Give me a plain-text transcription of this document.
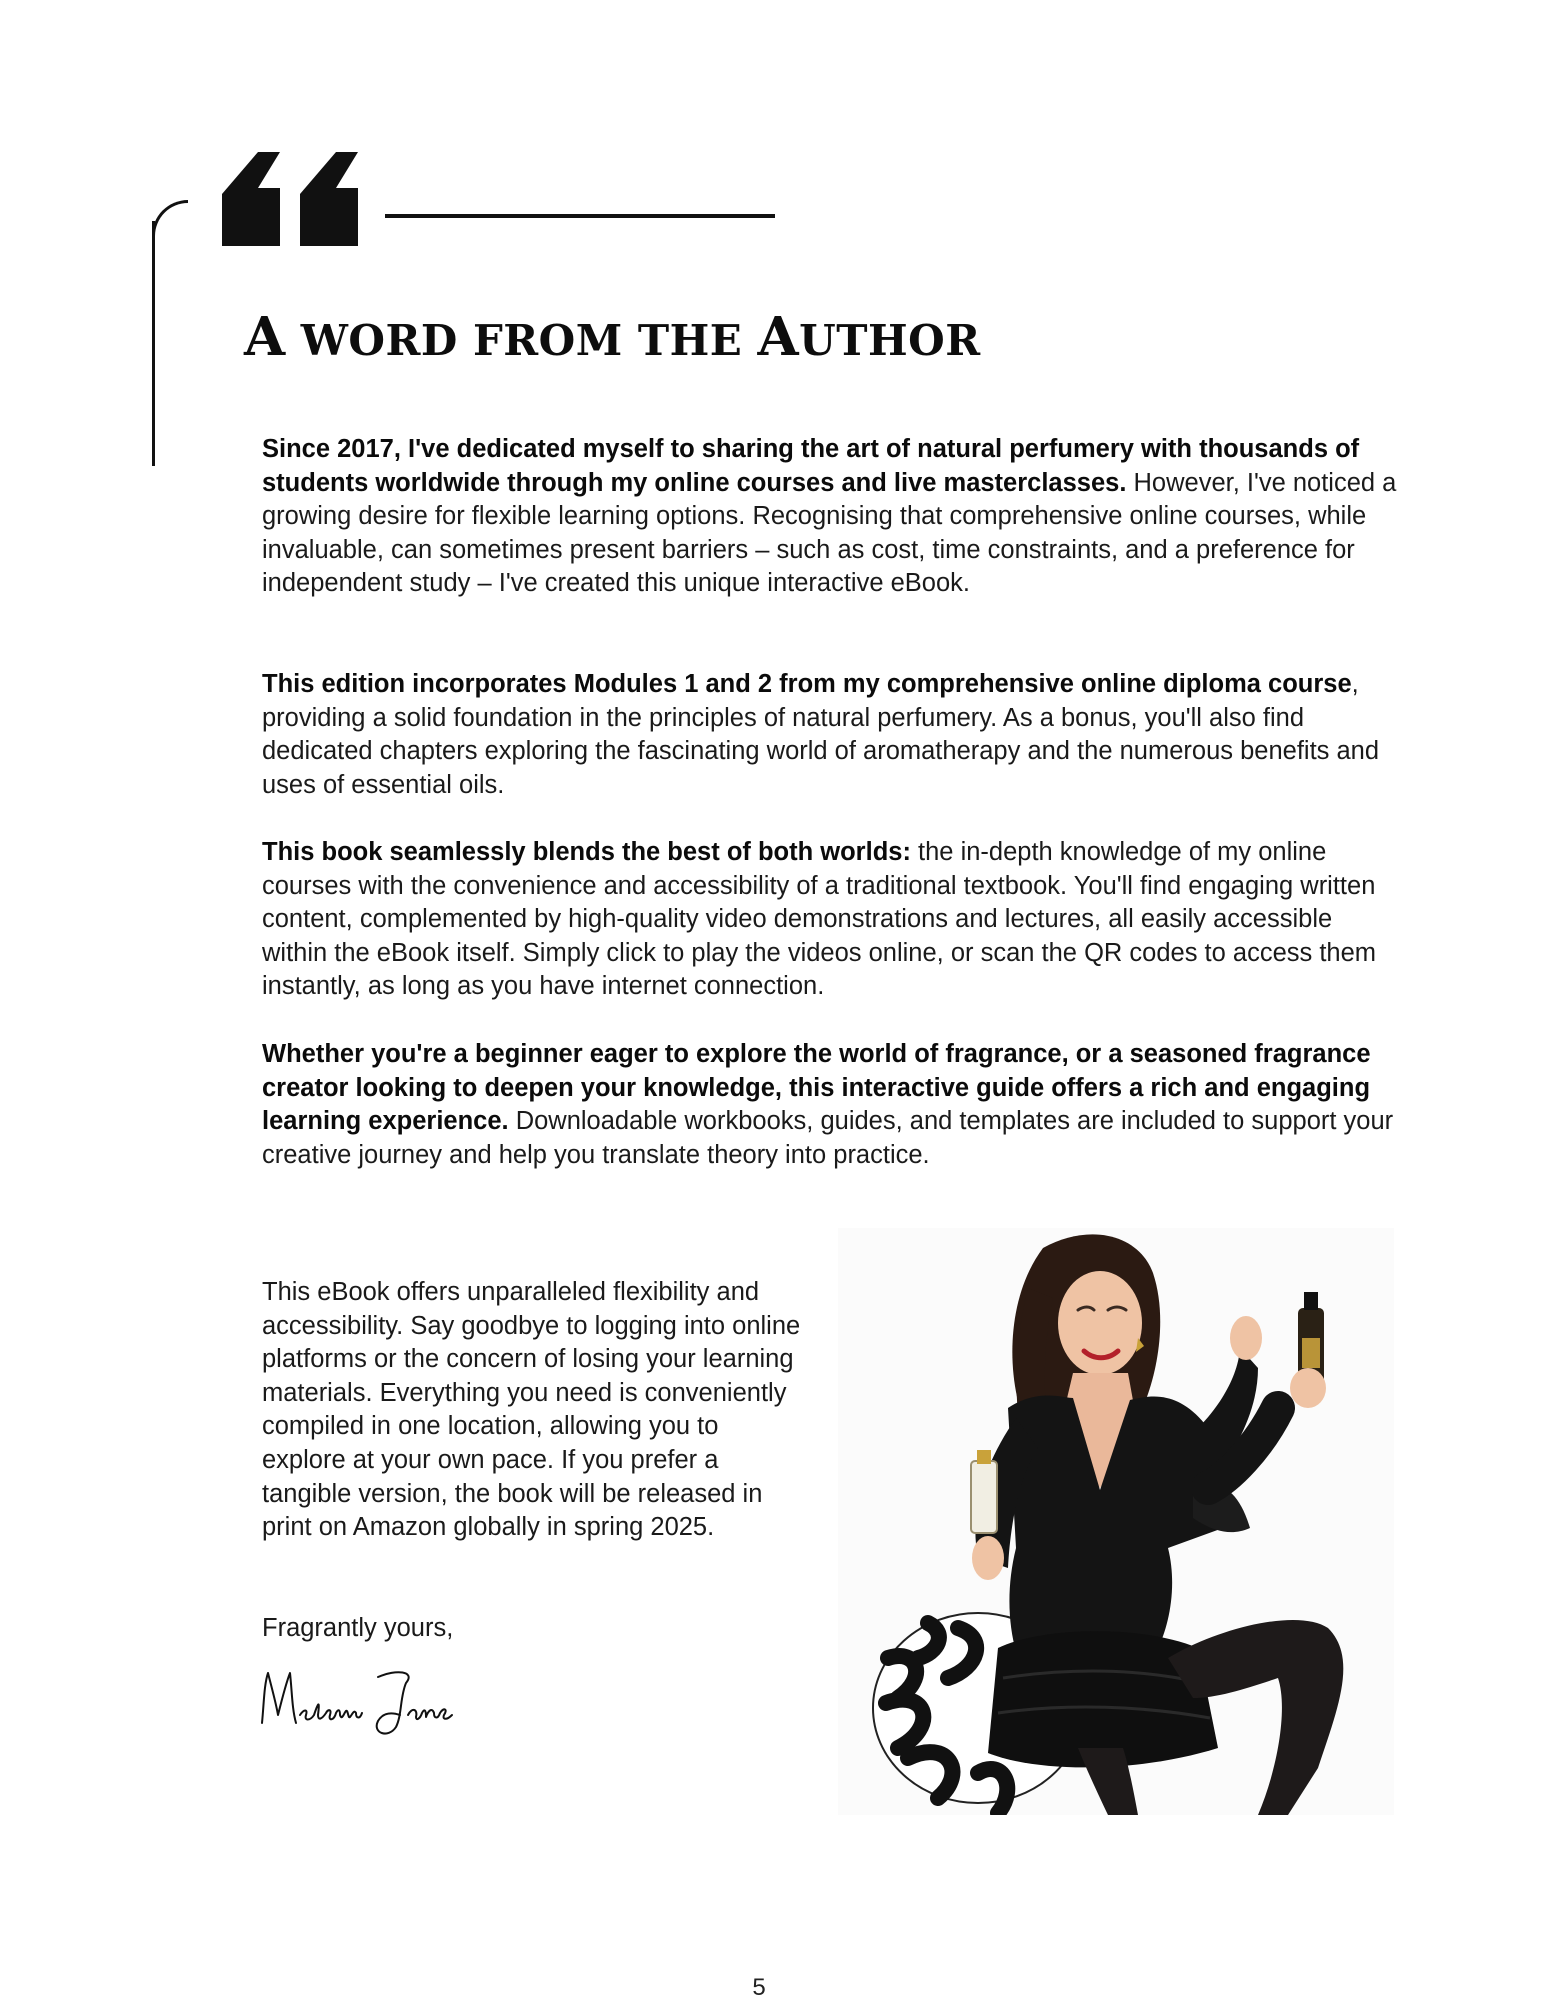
A WORD FROM THE AUTHOR

Since 2017, I've dedicated myself to sharing the art of natural perfumery with thousands of students worldwide through my online courses and live masterclasses. However, I've noticed a growing desire for flexible learning options. Recognising that comprehensive online courses, while invaluable, can sometimes present barriers – such as cost, time constraints, and a preference for independent study – I've created this unique interactive eBook.

This edition incorporates Modules 1 and 2 from my comprehensive online diploma course, providing a solid foundation in the principles of natural perfumery. As a bonus, you'll also find dedicated chapters exploring the fascinating world of aromatherapy and the numerous benefits and uses of essential oils.

This book seamlessly blends the best of both worlds: the in-depth knowledge of my online courses with the convenience and accessibility of a traditional textbook. You'll find engaging written content, complemented by high-quality video demonstrations and lectures, all easily accessible within the eBook itself. Simply click to play the videos online, or scan the QR codes to access them instantly, as long as you have internet connection.

Whether you're a beginner eager to explore the world of fragrance, or a seasoned fragrance creator looking to deepen your knowledge, this interactive guide offers a rich and engaging learning experience. Downloadable workbooks, guides, and templates are included to support your creative journey and help you translate theory into practice.

This eBook offers unparalleled flexibility and accessibility. Say goodbye to logging into online platforms or the concern of losing your learning materials. Everything you need is conveniently compiled in one location, allowing you to explore at your own pace. If you prefer a tangible version, the book will be released in print on Amazon globally in spring 2025.

Fragrantly yours,

5
